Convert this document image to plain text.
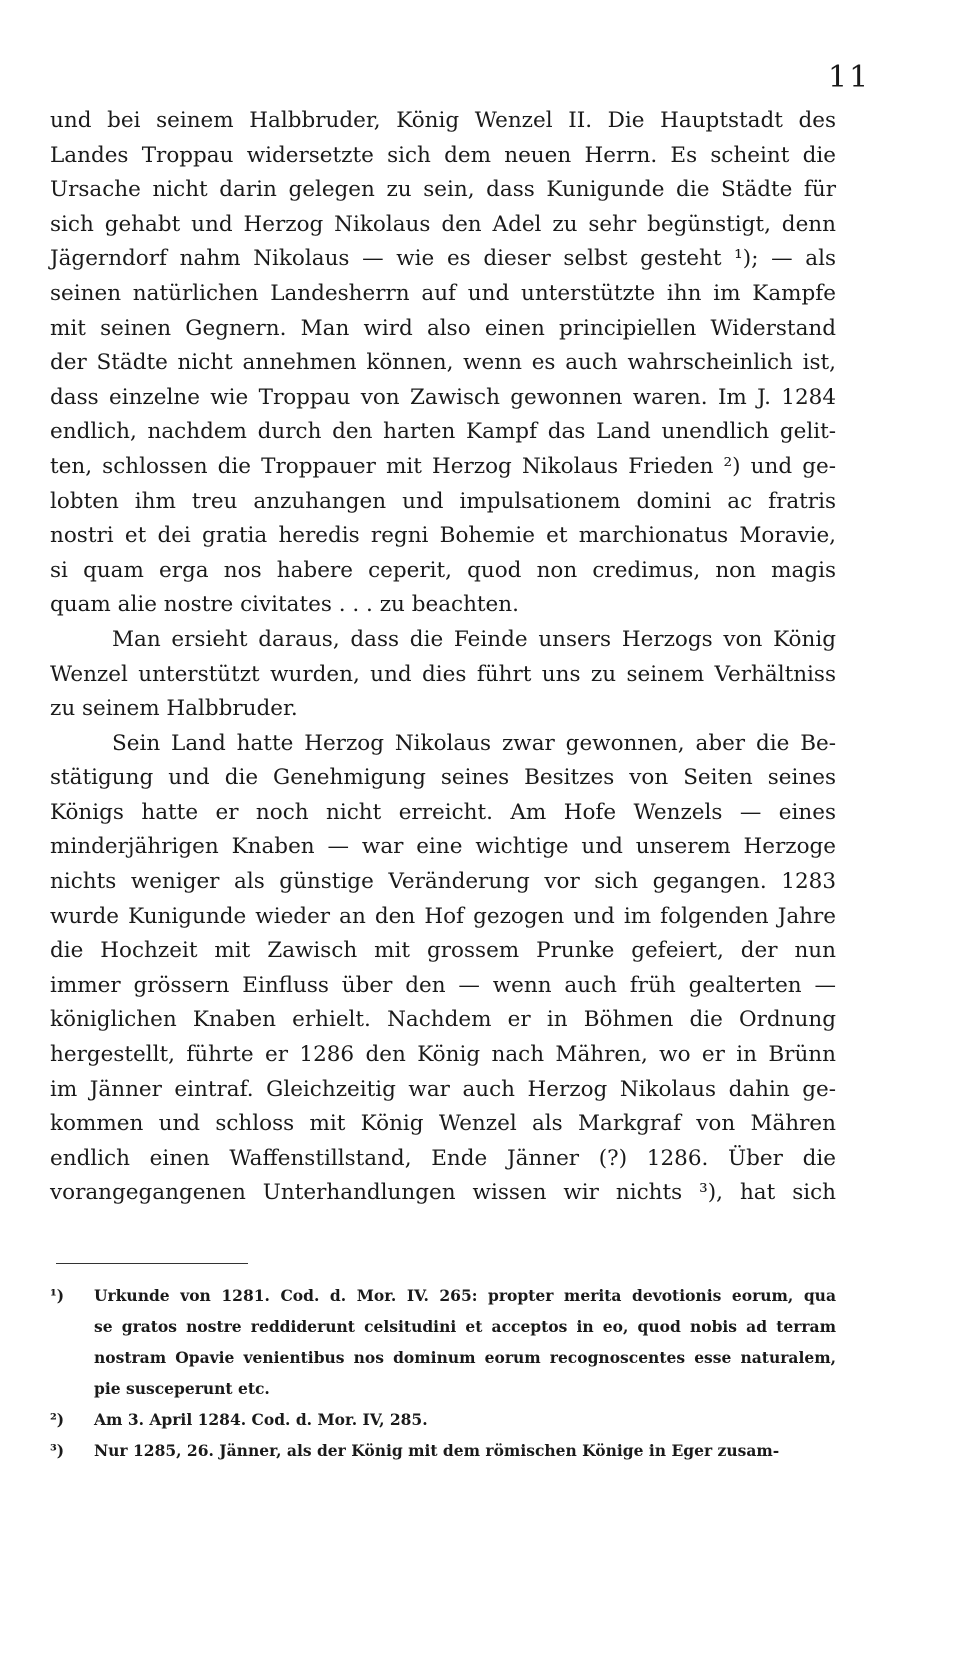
11

und bei seinem Halbbruder, König Wenzel II. Die Hauptstadt des
Landes Troppau widersetzte sich dem neuen Herrn. Es scheint die
Ursache nicht darin gelegen zu sein, dass Kunigunde die Städte für
sich gehabt und Herzog Nikolaus den Adel zu sehr begünstigt, denn
Jägerndorf nahm Nikolaus — wie es dieser selbst gesteht ¹); — als
seinen natürlichen Landesherrn auf und unterstützte ihn im Kampfe
mit seinen Gegnern. Man wird also einen principiellen Widerstand
der Städte nicht annehmen können, wenn es auch wahrscheinlich ist,
dass einzelne wie Troppau von Zawisch gewonnen waren. Im J. 1284
endlich, nachdem durch den harten Kampf das Land unendlich gelit-
ten, schlossen die Troppauer mit Herzog Nikolaus Frieden ²) und ge-
lobten ihm treu anzuhangen und impulsationem domini ac fratris
nostri et dei gratia heredis regni Bohemie et marchionatus Moravie,
si quam erga nos habere ceperit, quod non credimus, non magis
quam alie nostre civitates . . . zu beachten.

Man ersieht daraus, dass die Feinde unsers Herzogs von König
Wenzel unterstützt wurden, und dies führt uns zu seinem Verhältniss
zu seinem Halbbruder.

Sein Land hatte Herzog Nikolaus zwar gewonnen, aber die Be-
stätigung und die Genehmigung seines Besitzes von Seiten seines
Königs hatte er noch nicht erreicht. Am Hofe Wenzels — eines
minderjährigen Knaben — war eine wichtige und unserem Herzoge
nichts weniger als günstige Veränderung vor sich gegangen. 1283
wurde Kunigunde wieder an den Hof gezogen und im folgenden Jahre
die Hochzeit mit Zawisch mit grossem Prunke gefeiert, der nun
immer grössern Einfluss über den — wenn auch früh gealterten —
königlichen Knaben erhielt. Nachdem er in Böhmen die Ordnung
hergestellt, führte er 1286 den König nach Mähren, wo er in Brünn
im Jänner eintraf. Gleichzeitig war auch Herzog Nikolaus dahin ge-
kommen und schloss mit König Wenzel als Markgraf von Mähren
endlich einen Waffenstillstand, Ende Jänner (?) 1286. Über die
vorangegangenen Unterhandlungen wissen wir nichts ³), hat sich

¹) Urkunde von 1281. Cod. d. Mor. IV. 265: propter merita devotionis eorum, qua
se gratos nostre reddiderunt celsitudini et acceptos in eo, quod nobis ad terram
nostram Opavie venientibus nos dominum eorum recognoscentes esse naturalem,
pie susceperunt etc.
²) Am 3. April 1284. Cod. d. Mor. IV, 285.
³) Nur 1285, 26. Jänner, als der König mit dem römischen Könige in Eger zusam-
